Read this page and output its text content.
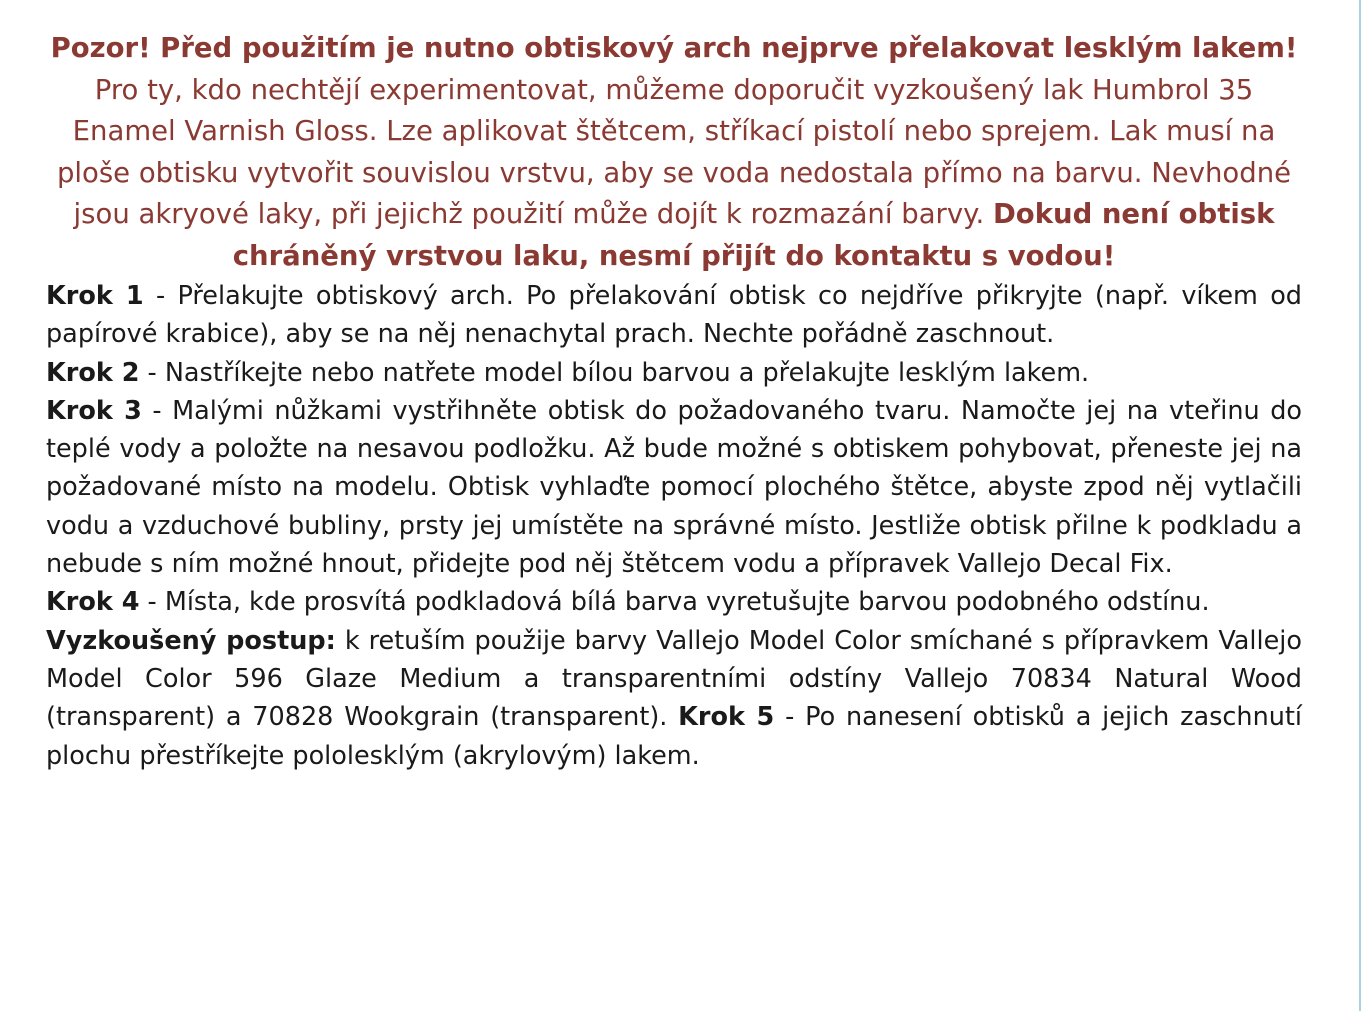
Pozor! Před použitím je nutno obtiskový arch nejprve přelakovat lesklým lakem!
Pro ty, kdo nechtějí experimentovat, můžeme doporučit vyzkoušený lak Humbrol 35 Enamel Varnish Gloss. Lze aplikovat štětcem, stříkací pistolí nebo sprejem. Lak musí na ploše obtisku vytvořit souvislou vrstvu, aby se voda nedostala přímo na barvu. Nevhodné jsou akryové laky, při jejichž použití může dojít k rozmazání barvy. Dokud není obtisk chráněný vrstvou laku, nesmí přijít do kontaktu s vodou!

Krok 1 - Přelakujte obtiskový arch. Po přelakování obtisk co nejdříve přikryjte (např. víkem od papírové krabice), aby se na něj nenachytal prach. Nechte pořádně zaschnout.

Krok 2 - Nastříkejte nebo natřete model bílou barvou a přelakujte lesklým lakem.

Krok 3 - Malými nůžkami vystřihněte obtisk do požadovaného tvaru. Namočte jej na vteřinu do teplé vody a položte na nesavou podložku. Až bude možné s obtiskem pohybovat, přeneste jej na požadované místo na modelu. Obtisk vyhlaďte pomocí plochého štětce, abyste zpod něj vytlačili vodu a vzduchové bubliny, prsty jej umístěte na správné místo. Jestliže obtisk přilne k podkladu a nebude s ním možné hnout, přidejte pod něj štětcem vodu a přípravek Vallejo Decal Fix.

Krok 4 - Místa, kde prosvítá podkladová bílá barva vyretušujte barvou podobného odstínu.

Vyzkoušený postup: k retuším použije barvy Vallejo Model Color smíchané s přípravkem Vallejo Model Color 596 Glaze Medium a transparentními odstíny Vallejo 70834 Natural Wood (transparent) a 70828 Wookgrain (transparent). Krok 5 - Po nanesení obtisků a jejich zaschnutí plochu přestříkejte pololesklým (akrylovým) lakem.
